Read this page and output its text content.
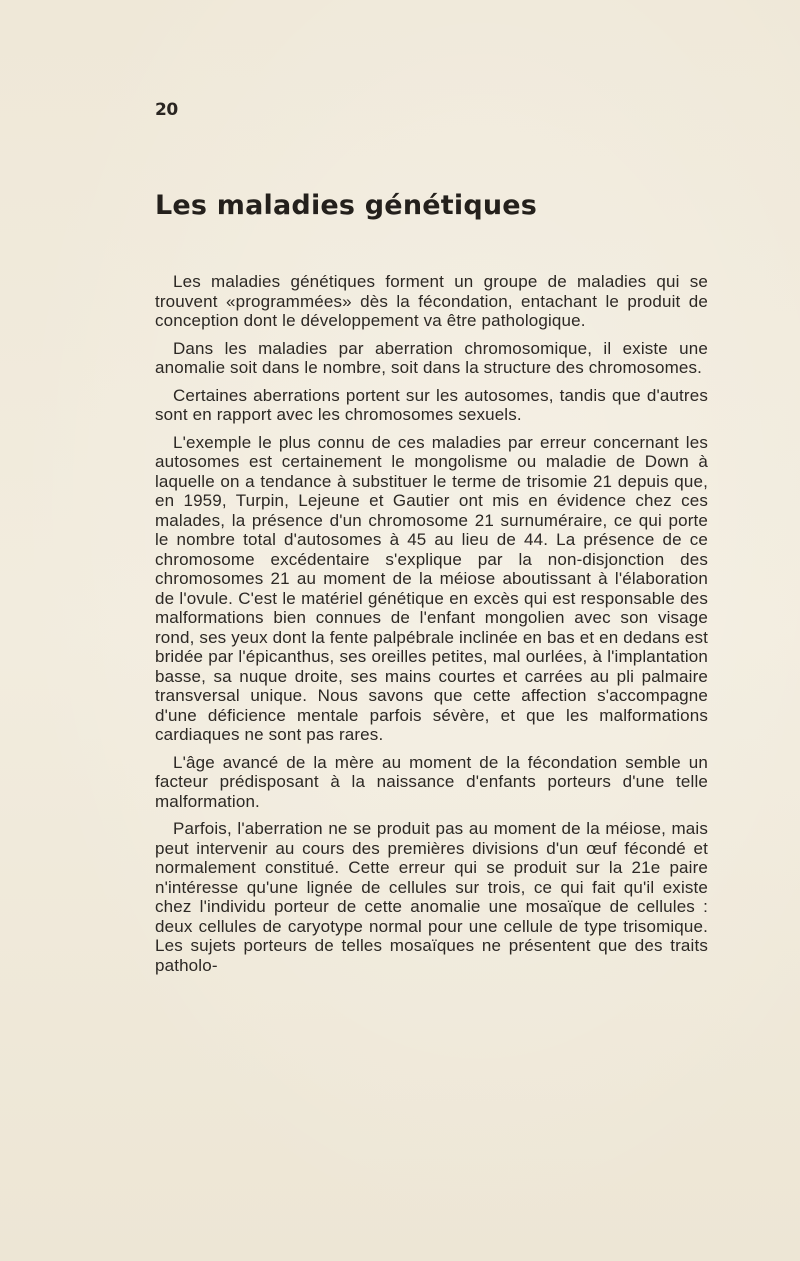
20
Les maladies génétiques

Les maladies génétiques forment un groupe de maladies qui se trouvent «programmées» dès la fécondation, entachant le produit de conception dont le développement va être pathologique.

Dans les maladies par aberration chromosomique, il existe une anomalie soit dans le nombre, soit dans la structure des chromosomes.

Certaines aberrations portent sur les autosomes, tandis que d'autres sont en rapport avec les chromosomes sexuels.

L'exemple le plus connu de ces maladies par erreur concernant les autosomes est certainement le mongolisme ou maladie de Down à laquelle on a tendance à substituer le terme de trisomie 21 depuis que, en 1959, Turpin, Lejeune et Gautier ont mis en évidence chez ces malades, la présence d'un chromosome 21 surnuméraire, ce qui porte le nombre total d'autosomes à 45 au lieu de 44. La présence de ce chromosome excédentaire s'explique par la non-disjonction des chromosomes 21 au moment de la méiose aboutissant à l'élaboration de l'ovule. C'est le matériel génétique en excès qui est responsable des malformations bien connues de l'enfant mongolien avec son visage rond, ses yeux dont la fente palpébrale inclinée en bas et en dedans est bridée par l'épicanthus, ses oreilles petites, mal ourlées, à l'implantation basse, sa nuque droite, ses mains courtes et carrées au pli palmaire transversal unique. Nous savons que cette affection s'accompagne d'une déficience mentale parfois sévère, et que les malformations cardiaques ne sont pas rares.

L'âge avancé de la mère au moment de la fécondation semble un facteur prédisposant à la naissance d'enfants porteurs d'une telle malformation.

Parfois, l'aberration ne se produit pas au moment de la méiose, mais peut intervenir au cours des premières divisions d'un œuf fécondé et normalement constitué. Cette erreur qui se produit sur la 21e paire n'intéresse qu'une lignée de cellules sur trois, ce qui fait qu'il existe chez l'individu porteur de cette anomalie une mosaïque de cellules : deux cellules de caryotype normal pour une cellule de type trisomique. Les sujets porteurs de telles mosaïques ne présentent que des traits patholo-
